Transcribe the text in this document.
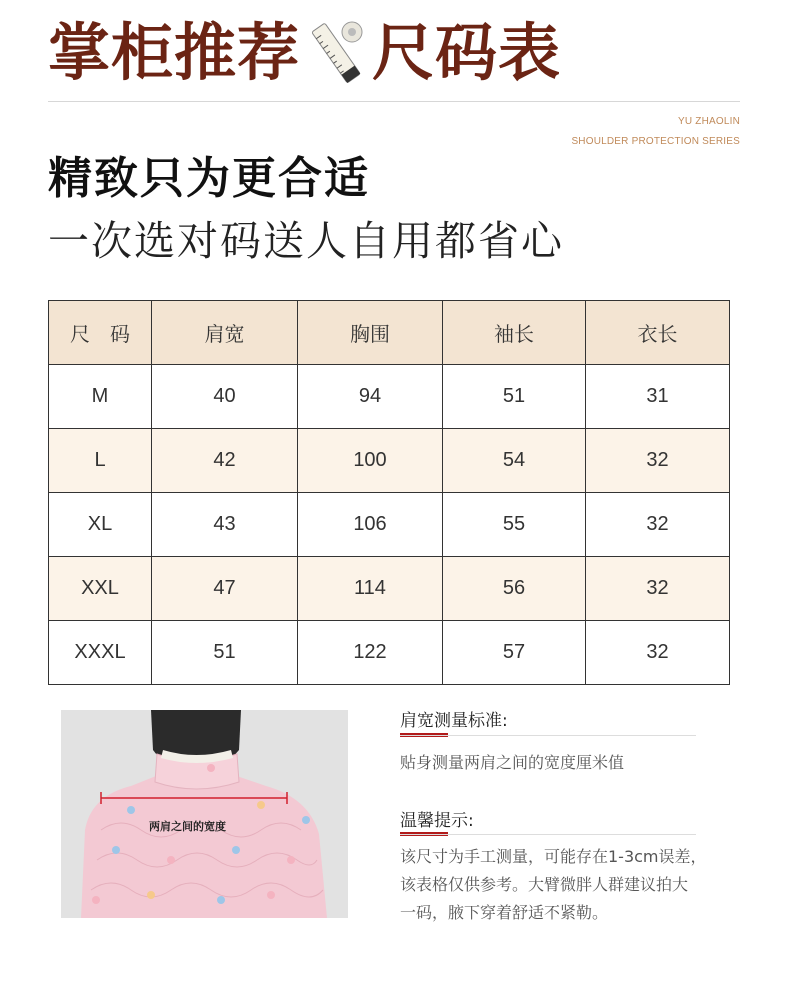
掌柜推荐 尺码表
YU ZHAOLIN
SHOULDER PROTECTION SERIES
精致只为更合适
一次选对码送人自用都省心
尺　码	肩宽	胸围	袖长	衣长
M	40	94	51	31
L	42	100	54	32
XL	43	106	55	32
XXL	47	114	56	32
XXXL	51	122	57	32
两肩之间的宽度
肩宽测量标准:
贴身测量两肩之间的宽度厘米值
温馨提示:
该尺寸为手工测量，可能存在1-3cm误差，
该表格仅供参考。大臂微胖人群建议拍大
一码，腋下穿着舒适不紧勒。
